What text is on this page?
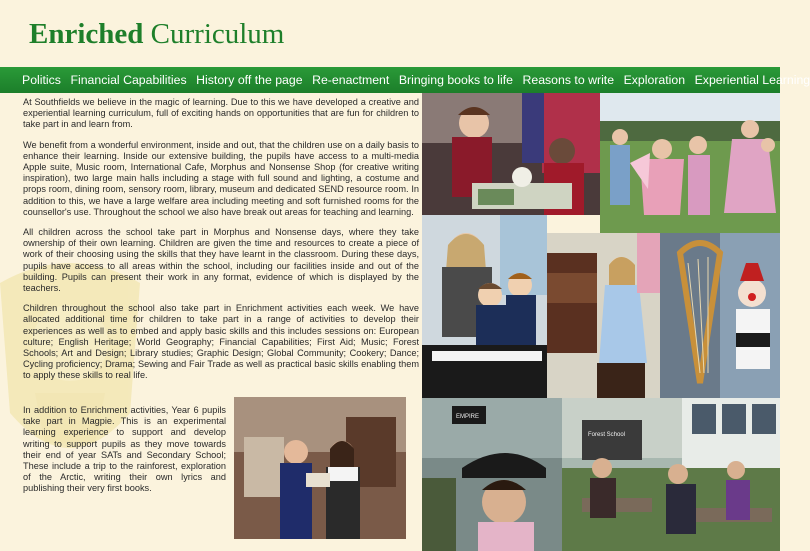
Enriched Curriculum
Politics Financial Capabilities History off the page Re-enactment Bringing books to life Reasons to write Exploration Experiential Learning

At Southfields we believe in the magic of learning. Due to this we have developed a creative and experiential learning curriculum, full of exciting hands on opportunities that are fun for children to take part in and learn from.

We benefit from a wonderful environment, inside and out, that the children use on a daily basis to enhance their learning. Inside our extensive building, the pupils have access to a multi-media Apple suite, Music room, International Cafe, Morphus and Nonsense Shop (for creative writing inspiration), two large main halls including a stage with full sound and lighting, a costume and props room, dining room, sensory room, library, museum and dedicated SEND resource room. In addition to this, we have a large welfare area including meeting and soft furnished rooms for the counsellor's use. Throughout the school we also have break out areas for teaching and learning.

All children across the school take part in Morphus and Nonsense days, where they take ownership of their own learning. Children are given the time and resources to create a piece of work of their choosing using the skills that they have learnt in the classroom. During these days, pupils have access to all areas within the school, including our facilities inside and out of the building. Pupils can present their work in any format, evidence of which is displayed by the teachers.

Children throughout the school also take part in Enrichment activities each week. We have allocated additional time for children to take part in a range of activities to develop their experiences as well as to embed and apply basic skills and this includes sessions on: European culture; English Heritage; World Geography; Financial Capabilities; First Aid; Music; Forest Schools; Art and Design; Library studies; Graphic Design; Global Community; Cookery; Dance; Cycling proficiency; Drama; Sewing and Fair Trade as well as practical basic skills enabling them to apply these skills to real life.

In addition to Enrichment activities, Year 6 pupils take part in Magpie. This is an experimental learning experience to support and develop writing to support pupils as they move towards their end of year SATs and Secondary School; These include a trip to the rainforest, exploration of the Arctic, writing their own lyrics and publishing their very first books.

EMPIRE
Forest School
